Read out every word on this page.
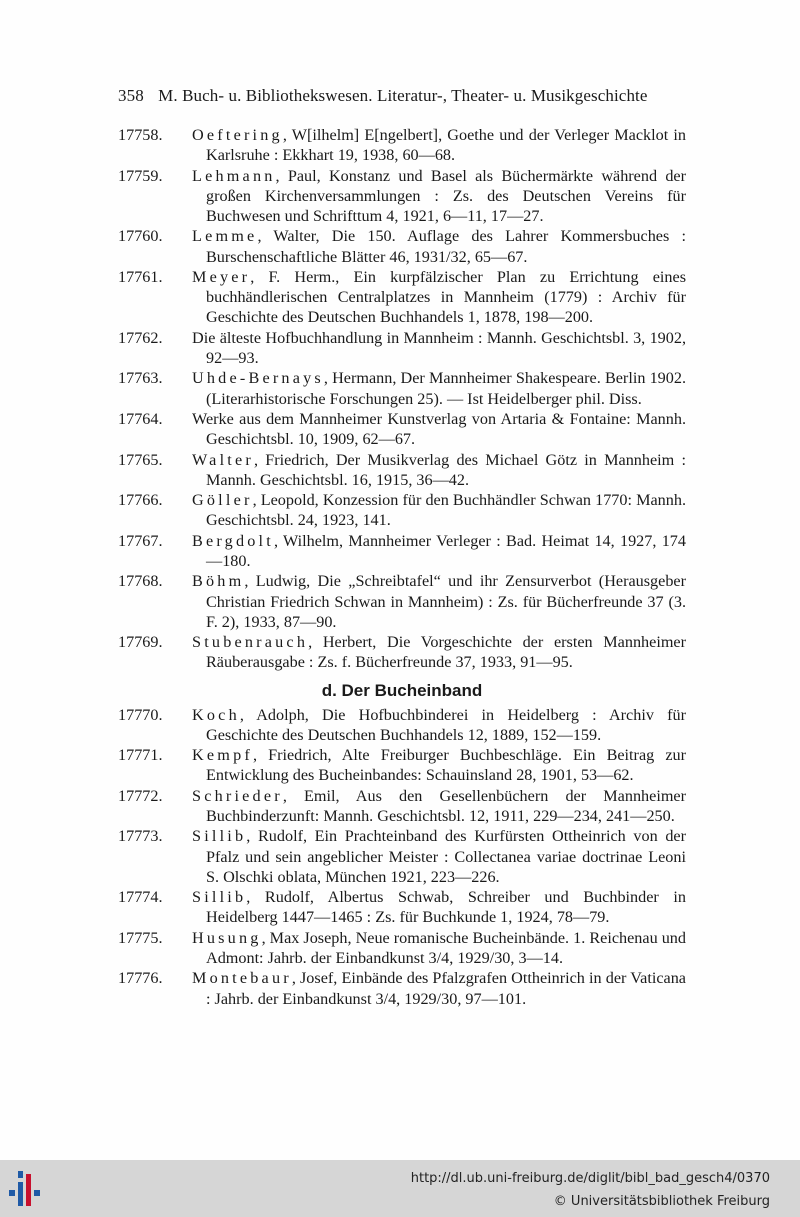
358 M. Buch- u. Bibliothekswesen. Literatur-, Theater- u. Musikgeschichte
17758. Oeftering, W[ilhelm] E[ngelbert], Goethe und der Verleger Macklot in Karlsruhe : Ekkhart 19, 1938, 60—68.
17759. Lehmann, Paul, Konstanz und Basel als Büchermärkte während der großen Kirchenversammlungen : Zs. des Deutschen Vereins für Buchwesen und Schrifttum 4, 1921, 6—11, 17—27.
17760. Lemme, Walter, Die 150. Auflage des Lahrer Kommersbuches : Burschenschaftliche Blätter 46, 1931/32, 65—67.
17761. Meyer, F. Herm., Ein kurpfälzischer Plan zu Errichtung eines buchhändlerischen Centralplatzes in Mannheim (1779) : Archiv für Geschichte des Deutschen Buchhandels 1, 1878, 198—200.
17762. Die älteste Hofbuchhandlung in Mannheim : Mannh. Geschichtsbl. 3, 1902, 92—93.
17763. Uhde-Bernays, Hermann, Der Mannheimer Shakespeare. Berlin 1902. (Literarhistorische Forschungen 25). — Ist Heidelberger phil. Diss.
17764. Werke aus dem Mannheimer Kunstverlag von Artaria & Fontaine: Mannh. Geschichtsbl. 10, 1909, 62—67.
17765. Walter, Friedrich, Der Musikverlag des Michael Götz in Mannheim : Mannh. Geschichtsbl. 16, 1915, 36—42.
17766. Göller, Leopold, Konzession für den Buchhändler Schwan 1770: Mannh. Geschichtsbl. 24, 1923, 141.
17767. Bergdolt, Wilhelm, Mannheimer Verleger : Bad. Heimat 14, 1927, 174—180.
17768. Böhm, Ludwig, Die „Schreibtafel“ und ihr Zensurverbot (Herausgeber Christian Friedrich Schwan in Mannheim) : Zs. für Bücherfreunde 37 (3. F. 2), 1933, 87—90.
17769. Stubenrauch, Herbert, Die Vorgeschichte der ersten Mannheimer Räuberausgabe : Zs. f. Bücherfreunde 37, 1933, 91—95.
d. Der Bucheinband
17770. Koch, Adolph, Die Hofbuchbinderei in Heidelberg : Archiv für Geschichte des Deutschen Buchhandels 12, 1889, 152—159.
17771. Kempf, Friedrich, Alte Freiburger Buchbeschläge. Ein Beitrag zur Entwicklung des Bucheinbandes: Schauinsland 28, 1901, 53—62.
17772. Schrieder, Emil, Aus den Gesellenbüchern der Mannheimer Buchbinderzunft: Mannh. Geschichtsbl. 12, 1911, 229—234, 241—250.
17773. Sillib, Rudolf, Ein Prachteinband des Kurfürsten Ottheinrich von der Pfalz und sein angeblicher Meister : Collectanea variae doctrinae Leoni S. Olschki oblata, München 1921, 223—226.
17774. Sillib, Rudolf, Albertus Schwab, Schreiber und Buchbinder in Heidelberg 1447—1465 : Zs. für Buchkunde 1, 1924, 78—79.
17775. Husung, Max Joseph, Neue romanische Bucheinbände. 1. Reichenau und Admont: Jahrb. der Einbandkunst 3/4, 1929/30, 3—14.
17776. Montebaur, Josef, Einbände des Pfalzgrafen Ottheinrich in der Vaticana : Jahrb. der Einbandkunst 3/4, 1929/30, 97—101.
http://dl.ub.uni-freiburg.de/diglit/bibl_bad_gesch4/0370
© Universitätsbibliothek Freiburg
